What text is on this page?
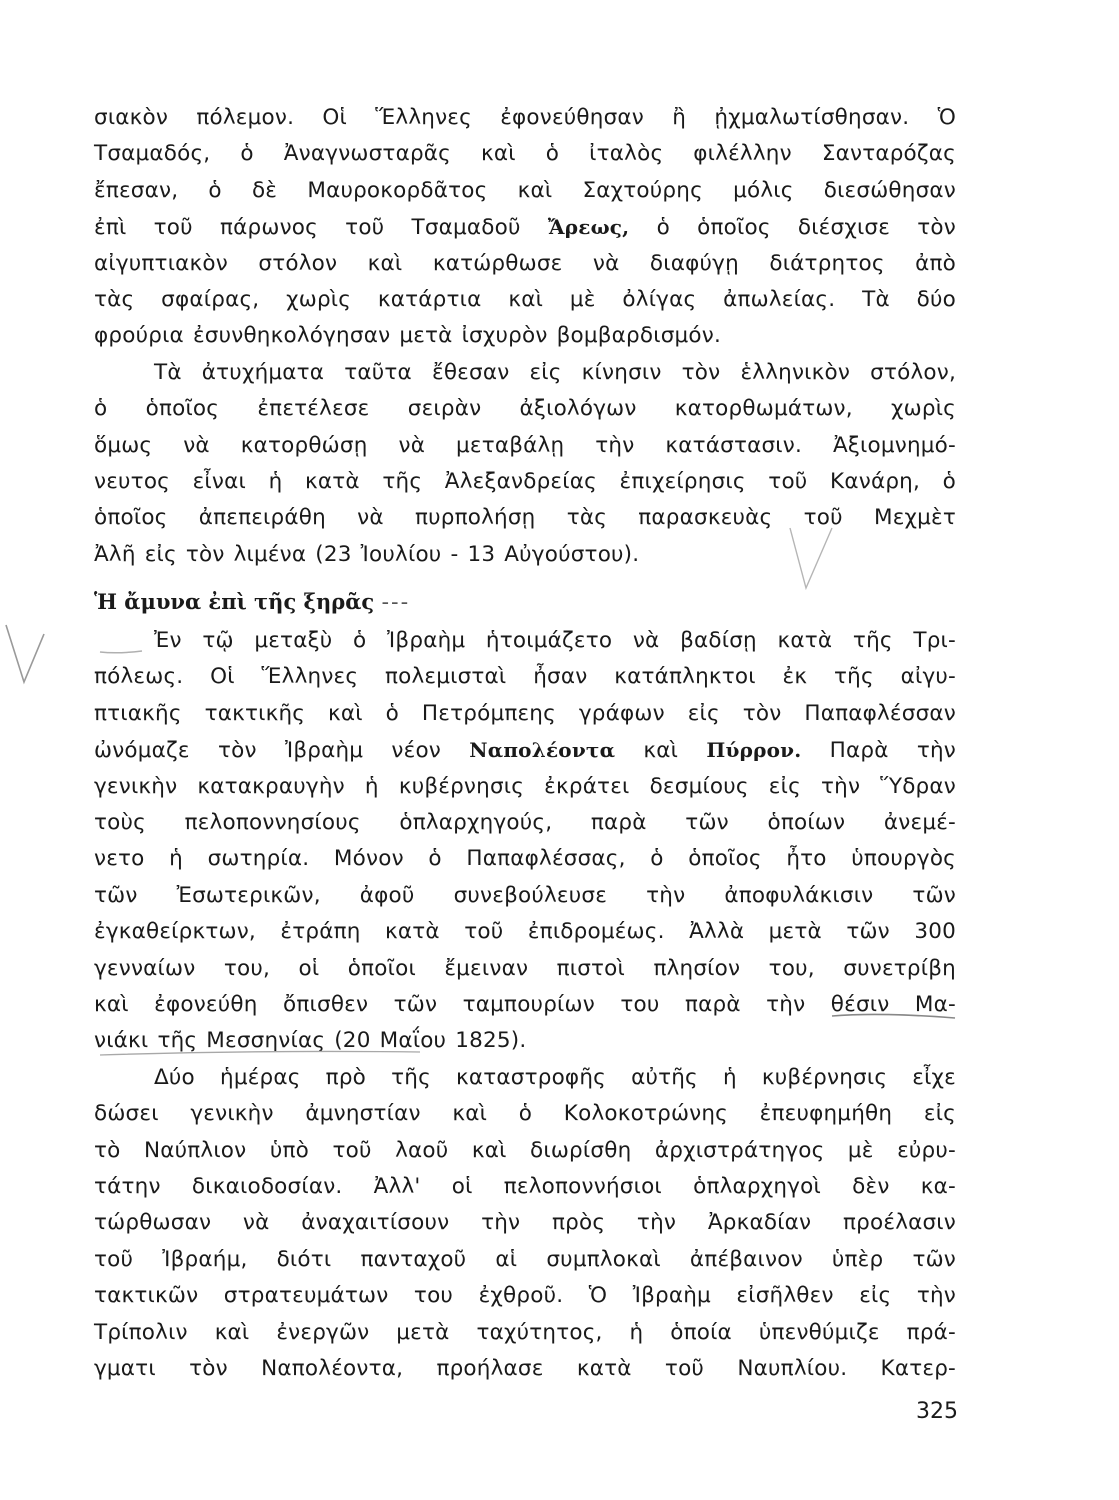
σιακὸν πόλεμον. Οἱ Ἕλληνες ἐφονεύθησαν ἢ ᾐχμαλωτίσθησαν. Ὁ
Τσαμαδός, ὁ Ἀναγνωσταρᾶς καὶ ὁ ἰταλὸς φιλέλλην Σανταρόζας
ἔπεσαν, ὁ δὲ Μαυροκορδᾶτος καὶ Σαχτούρης μόλις διεσώθησαν
ἐπὶ τοῦ πάρωνος τοῦ Τσαμαδοῦ Ἄρεως, ὁ ὁποῖος διέσχισε τὸν
αἰγυπτιακὸν στόλον καὶ κατώρθωσε νὰ διαφύγῃ διάτρητος ἀπὸ
τὰς σφαίρας, χωρὶς κατάρτια καὶ μὲ ὀλίγας ἀπωλείας. Τὰ δύο
φρούρια ἐσυνθηκολόγησαν μετὰ ἰσχυρὸν βομβαρδισμόν.
Τὰ ἀτυχήματα ταῦτα ἔθεσαν εἰς κίνησιν τὸν ἑλληνικὸν στόλον,
ὁ ὁποῖος ἐπετέλεσε σειρὰν ἀξιολόγων κατορθωμάτων, χωρὶς
ὅμως νὰ κατορθώσῃ νὰ μεταβάλῃ τὴν κατάστασιν. Ἀξιομνημό-
νευτος εἶναι ἡ κατὰ τῆς Ἀλεξανδρείας ἐπιχείρησις τοῦ Κανάρη, ὁ
ὁποῖος ἀπεπειράθη νὰ πυρπολήσῃ τὰς παρασκευὰς τοῦ Μεχμὲτ
Ἀλῆ εἰς τὸν λιμένα (23 Ἰουλίου - 13 Αὐγούστου).
Ἡ ἄμυνα ἐπὶ τῆς ξηρᾶς ---
Ἐν τῷ μεταξὺ ὁ Ἰβραὴμ ἡτοιμάζετο νὰ βαδίσῃ κατὰ τῆς Τρι-
πόλεως. Οἱ Ἕλληνες πολεμισταὶ ἦσαν κατάπληκτοι ἐκ τῆς αἰγυ-
πτιακῆς τακτικῆς καὶ ὁ Πετρόμπεης γράφων εἰς τὸν Παπαφλέσσαν
ὠνόμαζε τὸν Ἰβραὴμ νέον Ναπολέοντα καὶ Πύρρον. Παρὰ τὴν
γενικὴν κατακραυγὴν ἡ κυβέρνησις ἐκράτει δεσμίους εἰς τὴν Ὕδραν
τοὺς πελοποννησίους ὁπλαρχηγούς, παρὰ τῶν ὁποίων ἀνεμέ-
νετο ἡ σωτηρία. Μόνον ὁ Παπαφλέσσας, ὁ ὁποῖος ἦτο ὑπουργὸς
τῶν Ἐσωτερικῶν, ἀφοῦ συνεβούλευσε τὴν ἀποφυλάκισιν τῶν
ἐγκαθείρκτων, ἐτράπη κατὰ τοῦ ἐπιδρομέως. Ἀλλὰ μετὰ τῶν 300
γενναίων του, οἱ ὁποῖοι ἔμειναν πιστοὶ πλησίον του, συνετρίβη
καὶ ἐφονεύθη ὄπισθεν τῶν ταμπουρίων του παρὰ τὴν θέσιν Μα-
νιάκι τῆς Μεσσηνίας (20 Μαΐου 1825).
Δύο ἡμέρας πρὸ τῆς καταστροφῆς αὐτῆς ἡ κυβέρνησις εἶχε
δώσει γενικὴν ἀμνηστίαν καὶ ὁ Κολοκοτρώνης ἐπευφημήθη εἰς
τὸ Ναύπλιον ὑπὸ τοῦ λαοῦ καὶ διωρίσθη ἀρχιστράτηγος μὲ εὐρυ-
τάτην δικαιοδοσίαν. Ἀλλ' οἱ πελοποννήσιοι ὁπλαρχηγοὶ δὲν κα-
τώρθωσαν νὰ ἀναχαιτίσουν τὴν πρὸς τὴν Ἀρκαδίαν προέλασιν
τοῦ Ἰβραήμ, διότι πανταχοῦ αἱ συμπλοκαὶ ἀπέβαινον ὑπὲρ τῶν
τακτικῶν στρατευμάτων του ἐχθροῦ. Ὁ Ἰβραὴμ εἰσῆλθεν εἰς τὴν
Τρίπολιν καὶ ἐνεργῶν μετὰ ταχύτητος, ἡ ὁποία ὑπενθύμιζε πρά-
γματι τὸν Ναπολέοντα, προήλασε κατὰ τοῦ Ναυπλίου. Κατερ-
325
